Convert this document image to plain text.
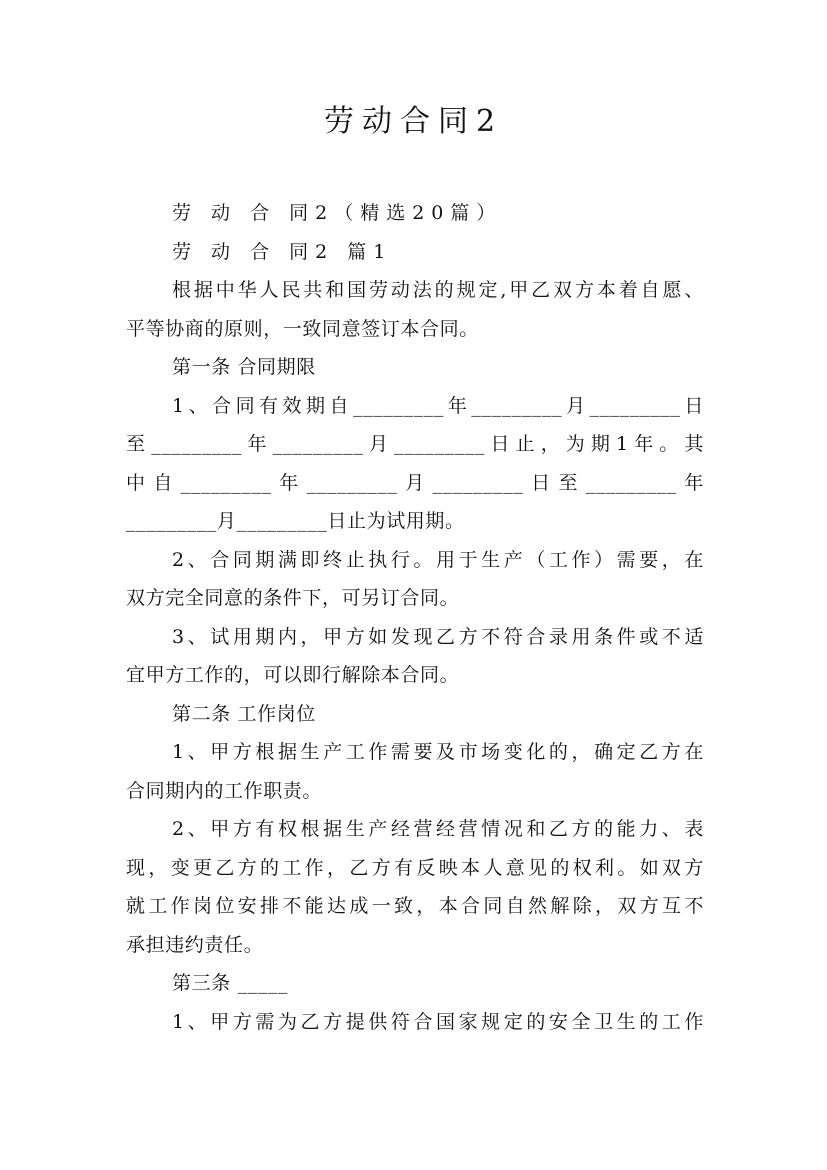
劳动合同2
劳 动 合 同2（精选20篇）
劳 动 合 同2 篇1
根据中华人民共和国劳动法的规定,甲乙双方本着自愿、
平等协商的原则，一致同意签订本合同。
第一条 合同期限
1、合同有效期自_________年_________月_________日
至_________年_________月_________日止，为期1年。其
中自_________年_________月_________日至_________年
_________月_________日止为试用期。
2、合同期满即终止执行。用于生产（工作）需要，在
双方完全同意的条件下，可另订合同。
3、试用期内，甲方如发现乙方不符合录用条件或不适
宜甲方工作的，可以即行解除本合同。
第二条 工作岗位
1、甲方根据生产工作需要及市场变化的，确定乙方在
合同期内的工作职责。
2、甲方有权根据生产经营经营情况和乙方的能力、表
现，变更乙方的工作，乙方有反映本人意见的权利。如双方
就工作岗位安排不能达成一致，本合同自然解除，双方互不
承担违约责任。
第三条 _____
1、甲方需为乙方提供符合国家规定的安全卫生的工作
